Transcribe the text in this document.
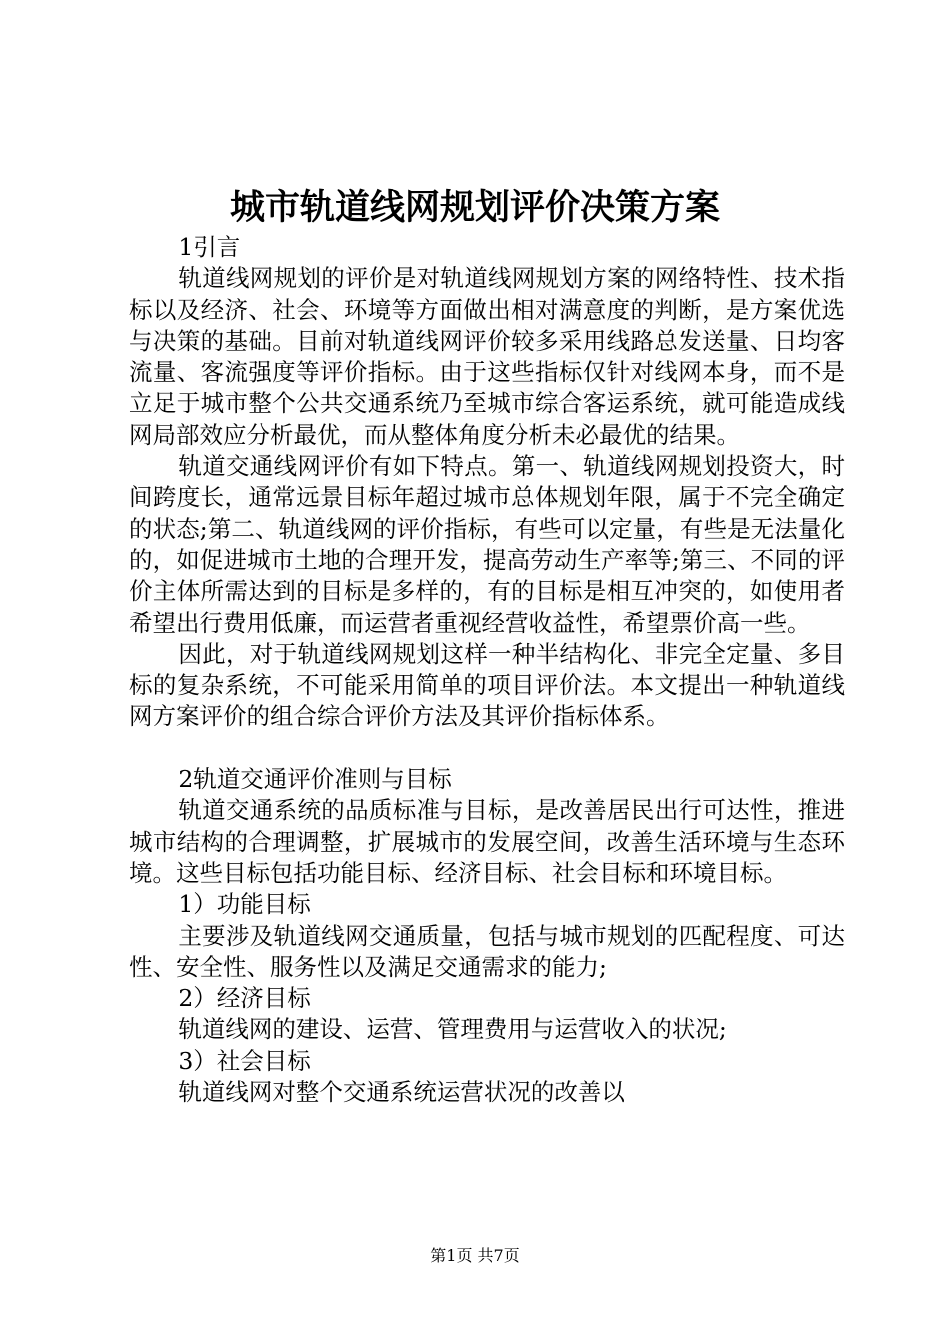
城市轨道线网规划评价决策方案
1引言
轨道线网规划的评价是对轨道线网规划方案的网络特性、技术指标以及经济、社会、环境等方面做出相对满意度的判断，是方案优选与决策的基础。目前对轨道线网评价较多采用线路总发送量、日均客流量、客流强度等评价指标。由于这些指标仅针对线网本身，而不是立足于城市整个公共交通系统乃至城市综合客运系统，就可能造成线网局部效应分析最优，而从整体角度分析未必最优的结果。
轨道交通线网评价有如下特点。第一、轨道线网规划投资大，时间跨度长，通常远景目标年超过城市总体规划年限，属于不完全确定的状态;第二、轨道线网的评价指标，有些可以定量，有些是无法量化的，如促进城市土地的合理开发，提高劳动生产率等;第三、不同的评价主体所需达到的目标是多样的，有的目标是相互冲突的，如使用者希望出行费用低廉，而运营者重视经营收益性，希望票价高一些。
因此，对于轨道线网规划这样一种半结构化、非完全定量、多目标的复杂系统，不可能采用简单的项目评价法。本文提出一种轨道线网方案评价的组合综合评价方法及其评价指标体系。
2轨道交通评价准则与目标
轨道交通系统的品质标准与目标，是改善居民出行可达性，推进城市结构的合理调整，扩展城市的发展空间，改善生活环境与生态环境。这些目标包括功能目标、经济目标、社会目标和环境目标。
1）功能目标
主要涉及轨道线网交通质量，包括与城市规划的匹配程度、可达性、安全性、服务性以及满足交通需求的能力;
2）经济目标
轨道线网的建设、运营、管理费用与运营收入的状况;
3）社会目标
轨道线网对整个交通系统运营状况的改善以
第1页 共7页
